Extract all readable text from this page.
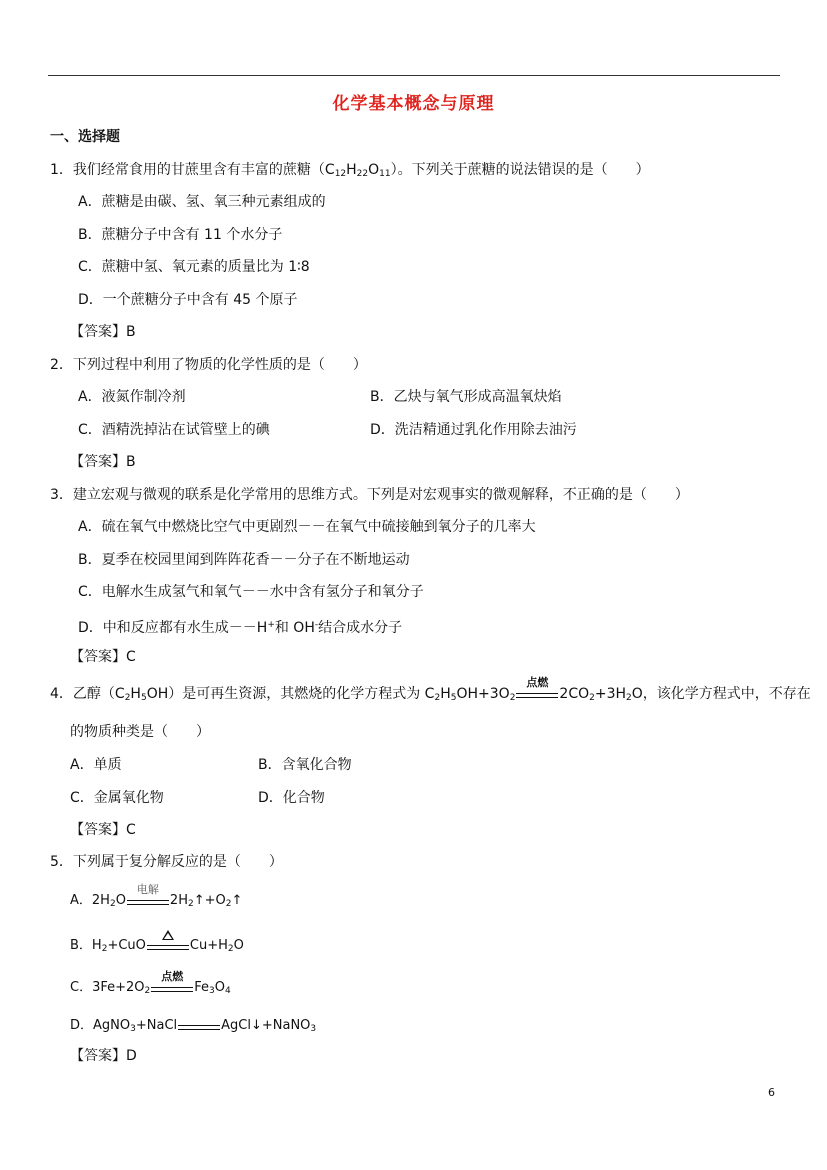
化学基本概念与原理
一、选择题
1．我们经常食用的甘蔗里含有丰富的蔗糖$(C_{12}H_{22}O_{11})$。下列关于蔗糖的说法错误的是（　　）
A．蔗糖是由碳、氢、氧三种元素组成的
B．蔗糖分子中含有 11 个水分子
C．蔗糖中氢、氧元素的质量比为 1∶8
D．一个蔗糖分子中含有 45 个原子
【答案】B
2．下列过程中利用了物质的化学性质的是（　　）
A．液氮作制冷剂	B．乙炔与氧气形成高温氧炔焰
C．酒精洗掉沾在试管壁上的碘	D．洗洁精通过乳化作用除去油污
【答案】B
3．建立宏观与微观的联系是化学常用的思维方式。下列是对宏观事实的微观解释，不正确的是（　　）
A．硫在氧气中燃烧比空气中更剧烈－－在氧气中硫接触到氧分子的几率大
B．夏季在校园里闻到阵阵花香－－分子在不断地运动
C．电解水生成氢气和氧气－－水中含有氢分子和氧分子
D．中和反应都有水生成－－H+和 OH-结合成水分子
【答案】C
4．乙醇$(C_2H_5OH)$是可再生资源，其燃烧的化学方程式为 $C_2H_5OH+3O_2$
点燃
$2CO_2+3H_2O$，该化学方程式中，不存在
的物质种类是（　　）
A．单质	B．含氧化合物
C．金属氧化物	D．化合物
【答案】C
5．下列属于复分解反应的是（　　）
A．$2H_2O$
电解
$2H_2↑+O_2↑$
B．$H_2+CuO$	$Cu+H_2O$
C．$3Fe+2O_2$
点燃
$Fe_3O_4$
D．AgNO$_3$+NaCl	AgCl↓+NaNO$_3$
【答案】D
6
